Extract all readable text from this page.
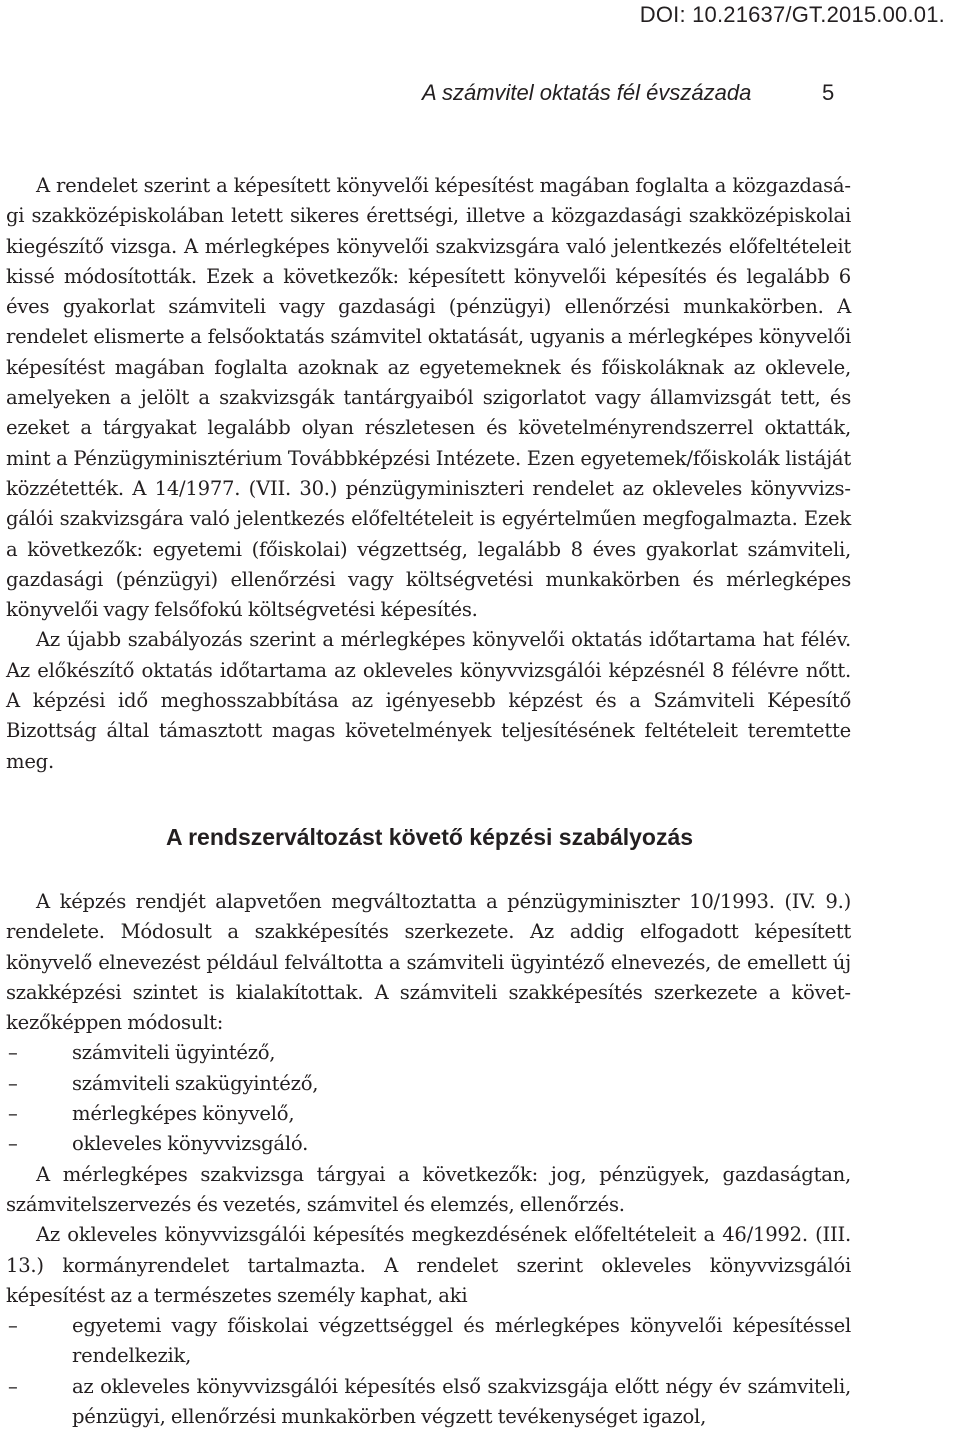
DOI: 10.21637/GT.2015.00.01.
A számvitel oktatás fél évszázada	5

A rendelet szerint a képesített könyvelői képesítést magában foglalta a közgazdasági szakközépiskolában letett sikeres érettségi, illetve a közgazdasági szakközépiskolai kiegészítő vizsga. A mérlegképes könyvelői szakvizsgára való jelentkezés előfeltételeit kissé módosították. Ezek a következők: képesített könyvelői képesítés és legalább 6 éves gyakorlat számviteli vagy gazdasági (pénzügyi) ellenőrzési munkakörben. A rendelet elismerte a felsőoktatás számvitel oktatását, ugyanis a mérlegképes könyvelői képesítést magában foglalta azoknak az egyetemeknek és főiskoláknak az oklevele, amelyeken a jelölt a szakvizsgák tantárgyaiból szigorlatot vagy államvizsgát tett, és ezeket a tárgyakat legalább olyan részletesen és követelményrendszerrel oktatták, mint a Pénzügyminisztérium Továbbképzési Intézete. Ezen egyetemek/főiskolák listáját közzétették. A 14/1977. (VII. 30.) pénzügyminiszteri rendelet az okleveles könyvvizsgálói szakvizsgára való jelentkezés előfeltételeit is egyértelműen megfogalmazta. Ezek a következők: egyetemi (főiskolai) végzettség, legalább 8 éves gyakorlat számviteli, gazdasági (pénzügyi) ellenőrzési vagy költségvetési munkakörben és mérlegképes könyvelői vagy felsőfokú költségvetési képesítés.

Az újabb szabályozás szerint a mérlegképes könyvelői oktatás időtartama hat félév. Az előkészítő oktatás időtartama az okleveles könyvvizsgálói képzésnél 8 félévre nőtt. A képzési idő meghosszabbítása az igényesebb képzést és a Számviteli Képesítő Bizottság által támasztott magas követelmények teljesítésének feltételeit teremtette meg.

A rendszerváltozást követő képzési szabályozás

A képzés rendjét alapvetően megváltoztatta a pénzügyminiszter 10/1993. (IV. 9.) rendelete. Módosult a szakképesítés szerkezete. Az addig elfogadott képesített könyvelő elnevezést például felváltotta a számviteli ügyintéző elnevezés, de emellett új szakképzési szintet is kialakítottak. A számviteli szakképesítés szerkezete a következőképpen módosult:

–	számviteli ügyintéző,
–	számviteli szakügyintéző,
–	mérlegképes könyvelő,
–	okleveles könyvvizsgáló.

A mérlegképes szakvizsga tárgyai a következők: jog, pénzügyek, gazdaságtan, számvitelszervezés és vezetés, számvitel és elemzés, ellenőrzés.

Az okleveles könyvvizsgálói képesítés megkezdésének előfeltételeit a 46/1992. (III. 13.) kormányrendelet tartalmazta. A rendelet szerint okleveles könyvvizsgálói képesítést az a természetes személy kaphat, aki

–	egyetemi vagy főiskolai végzettséggel és mérlegképes könyvelői képesítéssel rendelkezik,
–	az okleveles könyvvizsgálói képesítés első szakvizsgája előtt négy év számviteli, pénzügyi, ellenőrzési munkakörben végzett tevékenységet igazol,
